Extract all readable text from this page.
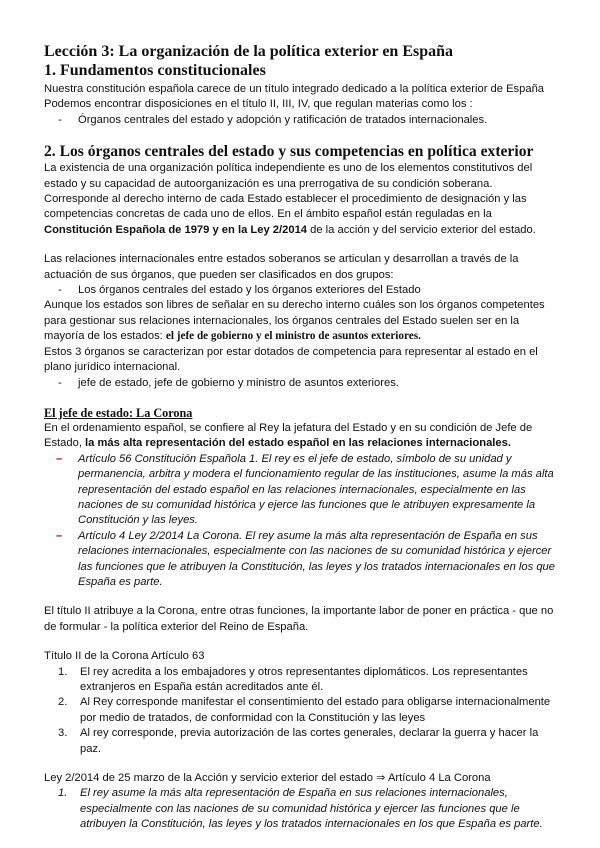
Lección 3: La organización de la política exterior en España
1. Fundamentos constitucionales

Nuestra constitución española carece de un título integrado dedicado a la política exterior de España

Podemos encontrar disposiciones en el título II, III, IV, que regulan materias como los :

- Órganos centrales del estado y adopción y ratificación de tratados internacionales.
2. Los órganos centrales del estado y sus competencias en política exterior

La existencia de una organización política independiente es uno de los elementos constitutivos del estado y su capacidad de autoorganización es una prerrogativa de su condición soberana.

Corresponde al derecho interno de cada Estado establecer el procedimiento de designación y las competencias concretas de cada uno de ellos. En el ámbito español están reguladas en la Constitución Española de 1979 y en la Ley 2/2014 de la acción y del servicio exterior del estado.

Las relaciones internacionales entre estados soberanos se articulan y desarrollan a través de la actuación de sus órganos, que pueden ser clasificados en dos grupos:

- Los órganos centrales del estado y los órganos exteriores del Estado

Aunque los estados son libres de señalar en su derecho interno cuáles son los órganos competentes para gestionar sus relaciones internacionales, los órganos centrales del Estado suelen ser en la mayoría de los estados: el jefe de gobierno y el ministro de asuntos exteriores.

Estos 3 órganos se caracterizan por estar dotados de competencia para representar al estado en el plano jurídico internacional.

- jefe de estado, jefe de gobierno y ministro de asuntos exteriores.
El jefe de estado: La Corona

En el ordenamiento español, se confiere al Rey la jefatura del Estado y en su condición de Jefe de Estado, la más alta representación del estado español en las relaciones internacionales.

– Artículo 56 Constitución Española 1. El rey es el jefe de estado, símbolo de su unidad y permanencia, arbitra y modera el funcionamiento regular de las instituciones, asume la más alta representación del estado español en las relaciones internacionales, especialmente en las naciones de su comunidad histórica y ejerce las funciones que le atribuyen expresamente la Constitución y las leyes.
– Artículo 4 Ley 2/2014 La Corona. El rey asume la más alta representación de España en sus relaciones internacionales, especialmente con las naciones de su comunidad histórica y ejercer las funciones que le atribuyen la Constitución, las leyes y los tratados internacionales en los que España es parte.

El título II atribuye a la Corona, entre otras funciones, la importante labor de poner en práctica - que no de formular - la política exterior del Reino de España.

Título II de la Corona Artículo 63

1. El rey acredita a los embajadores y otros representantes diplomáticos. Los representantes extranjeros en España están acreditados ante él.
2. Al Rey corresponde manifestar el consentimiento del estado para obligarse internacionalmente por medio de tratados, de conformidad con la Constitución y las leyes
3. Al rey corresponde, previa autorización de las cortes generales, declarar la guerra y hacer la paz.

Ley 2/2014 de 25 marzo de la Acción y servicio exterior del estado ⇒ Artículo 4 La Corona

1. El rey asume la más alta representación de España en sus relaciones internacionales, especialmente con las naciones de su comunidad histórica y ejercer las funciones que le atribuyen la Constitución, las leyes y los tratados internacionales en los que España es parte.
